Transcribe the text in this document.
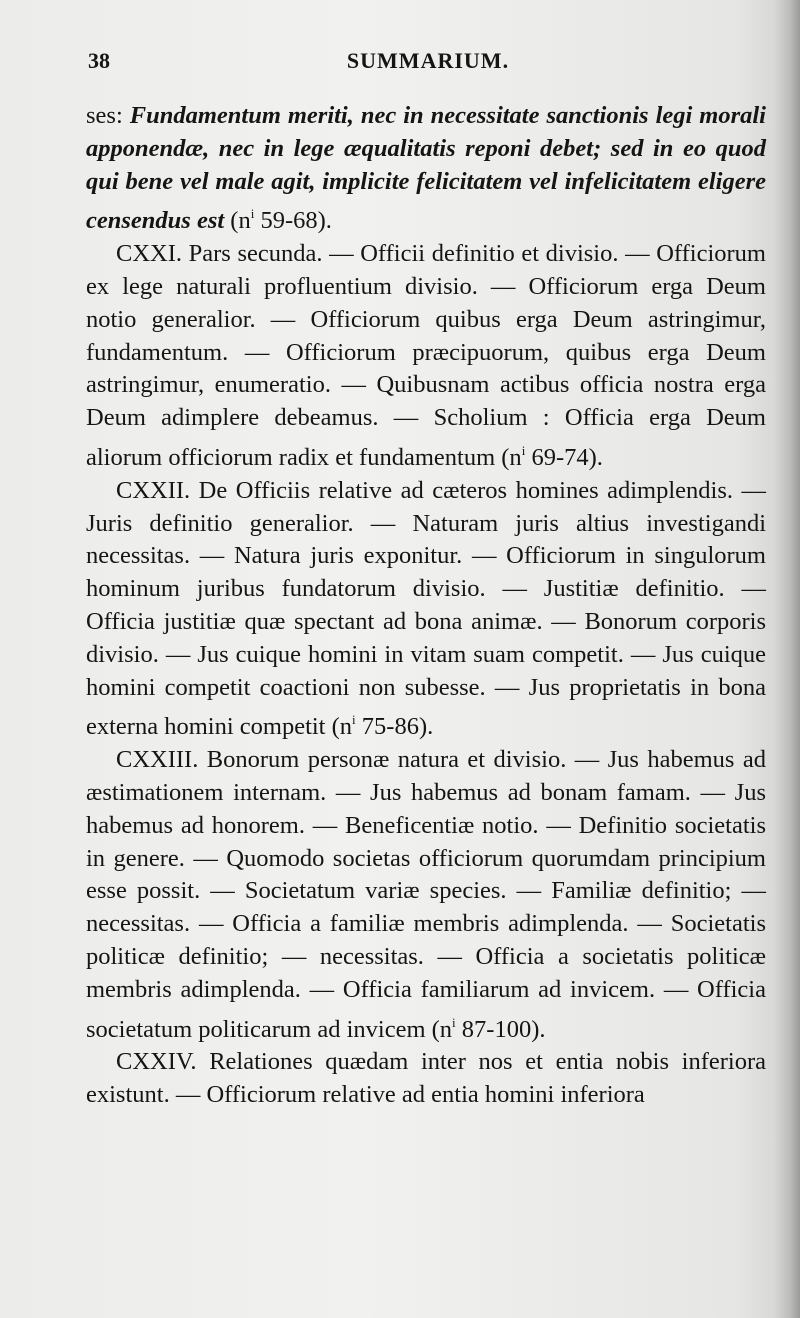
38	SUMMARIUM.

ses: Fundamentum meriti, nec in necessitate sanctionis legi morali apponendæ, nec in lege æqualitatis reponi debet; sed in eo quod qui bene vel male agit, implicite felicitatem vel infelicitatem eligere censendus est ($n^i$ 59-68).

CXXI. Pars secunda. — Officii definitio et divisio. — Officiorum ex lege naturali profluentium divisio. — Officiorum erga Deum notio generalior. — Officiorum quibus erga Deum astringimur, fundamentum. — Officiorum præcipuorum, quibus erga Deum astringimur, enumeratio. — Quibusnam actibus officia nostra erga Deum adimplere debeamus. — Scholium : Officia erga Deum aliorum officiorum radix et fundamentum ($n^i$ 69-74).

CXXII. De Officiis relative ad cæteros homines adimplendis. — Juris definitio generalior. — Naturam juris altius investigandi necessitas. — Natura juris exponitur. — Officiorum in singulorum hominum juribus fundatorum divisio. — Justitiæ definitio. — Officia justitiæ quæ spectant ad bona animæ. — Bonorum corporis divisio. — Jus cuique homini in vitam suam competit. — Jus cuique homini competit coactioni non subesse. — Jus proprietatis in bona externa homini competit ($n^i$ 75-86).

CXXIII. Bonorum personæ natura et divisio. — Jus habemus ad æstimationem internam. — Jus habemus ad bonam famam. — Jus habemus ad honorem. — Beneficentiæ notio. — Definitio societatis in genere. — Quomodo societas officiorum quorumdam principium esse possit. — Societatum variæ species. — Familiæ definitio; — necessitas. — Officia a familiæ membris adimplenda. — Societatis politicæ definitio; — necessitas. — Officia a societatis politicæ membris adimplenda. — Officia familiarum ad invicem. — Officia societatum politicarum ad invicem ($n^i$ 87-100).

CXXIV. Relationes quædam inter nos et entia nobis inferiora existunt. — Officiorum relative ad entia homini inferiora
